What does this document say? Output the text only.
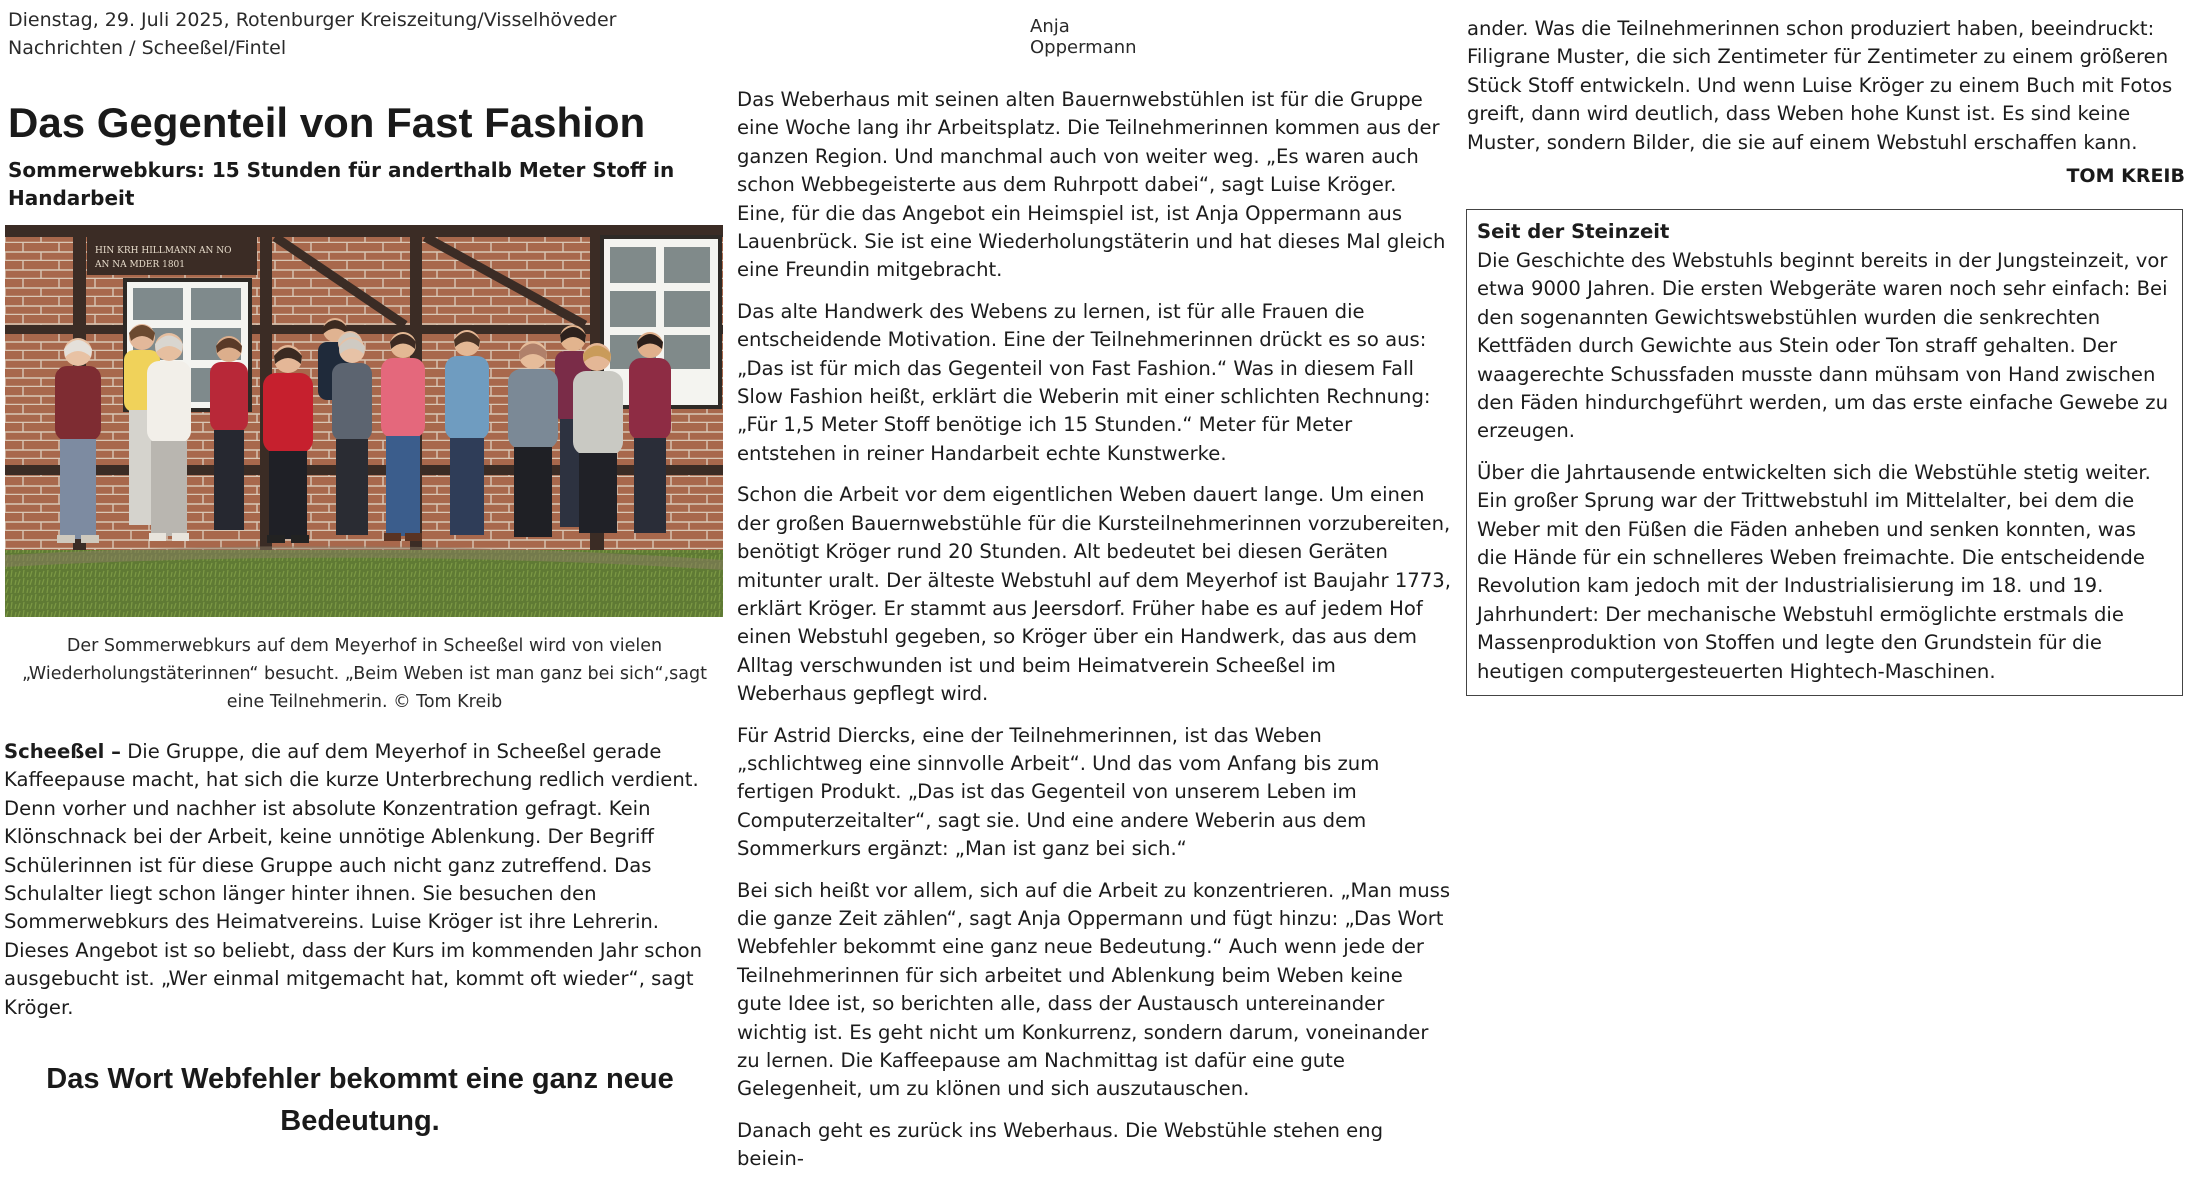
Dienstag, 29. Juli 2025, Rotenburger Kreiszeitung/Visselhöveder Nachrichten / Scheeßel/Fintel
Anja Oppermann
Das Gegenteil von Fast Fashion
Sommerwebkurs: 15 Stunden für anderthalb Meter Stoff in Handarbeit
HIN KRH HILLMANN AN NO
AN NA MDER 1801
Der Sommerwebkurs auf dem Meyerhof in Scheeßel wird von vielen „Wiederholungstäterinnen“ besucht. „Beim Weben ist man ganz bei sich“,sagt eine Teilnehmerin. © Tom Kreib

Scheeßel – Die Gruppe, die auf dem Meyerhof in Scheeßel gerade Kaffeepause macht, hat sich die kurze Unterbrechung redlich verdient. Denn vorher und nachher ist absolute Konzentration gefragt. Kein Klönschnack bei der Arbeit, keine unnötige Ablenkung. Der Begriff Schülerinnen ist für diese Gruppe auch nicht ganz zutreffend. Das Schulalter liegt schon länger hinter ihnen. Sie besuchen den Sommerwebkurs des Heimatvereins. Luise Kröger ist ihre Lehrerin. Dieses Angebot ist so beliebt, dass der Kurs im kommenden Jahr schon ausgebucht ist. „Wer einmal mitgemacht hat, kommt oft wieder“, sagt Kröger.

Das Wort Webfehler bekommt eine ganz neue Bedeutung.

Das Weberhaus mit seinen alten Bauernwebstühlen ist für die Gruppe eine Woche lang ihr Arbeitsplatz. Die Teilnehmerinnen kommen aus der ganzen Region. Und manchmal auch von weiter weg. „Es waren auch schon Webbegeisterte aus dem Ruhrpott dabei“, sagt Luise Kröger. Eine, für die das Angebot ein Heimspiel ist, ist Anja Oppermann aus Lauenbrück. Sie ist eine Wiederholungstäterin und hat dieses Mal gleich eine Freundin mitgebracht.

Das alte Handwerk des Webens zu lernen, ist für alle Frauen die entscheidende Motivation. Eine der Teilnehmerinnen drückt es so aus: „Das ist für mich das Gegenteil von Fast Fashion.“ Was in diesem Fall Slow Fashion heißt, erklärt die Weberin mit einer schlichten Rechnung: „Für 1,5 Meter Stoff benötige ich 15 Stunden.“ Meter für Meter entstehen in reiner Handarbeit echte Kunstwerke.

Schon die Arbeit vor dem eigentlichen Weben dauert lange. Um einen der großen Bauernwebstühle für die Kursteilnehmerinnen vorzubereiten, benötigt Kröger rund 20 Stunden. Alt bedeutet bei diesen Geräten mitunter uralt. Der älteste Webstuhl auf dem Meyerhof ist Baujahr 1773, erklärt Kröger. Er stammt aus Jeersdorf. Früher habe es auf jedem Hof einen Webstuhl gegeben, so Kröger über ein Handwerk, das aus dem Alltag verschwunden ist und beim Heimatverein Scheeßel im Weberhaus gepflegt wird.

Für Astrid Diercks, eine der Teilnehmerinnen, ist das Weben „schlichtweg eine sinnvolle Arbeit“. Und das vom Anfang bis zum fertigen Produkt. „Das ist das Gegenteil von unserem Leben im Computerzeitalter“, sagt sie. Und eine andere Weberin aus dem Sommerkurs ergänzt: „Man ist ganz bei sich.“

Bei sich heißt vor allem, sich auf die Arbeit zu konzentrieren. „Man muss die ganze Zeit zählen“, sagt Anja Oppermann und fügt hinzu: „Das Wort Webfehler bekommt eine ganz neue Bedeutung.“ Auch wenn jede der Teilnehmerinnen für sich arbeitet und Ablenkung beim Weben keine gute Idee ist, so berichten alle, dass der Austausch untereinander wichtig ist. Es geht nicht um Konkurrenz, sondern darum, voneinander zu lernen. Die Kaffeepause am Nachmittag ist dafür eine gute Gelegenheit, um zu klönen und sich auszutauschen.

Danach geht es zurück ins Weberhaus. Die Webstühle stehen eng beiein-

ander. Was die Teilnehmerinnen schon produziert haben, beeindruckt: Filigrane Muster, die sich Zentimeter für Zentimeter zu einem größeren Stück Stoff entwickeln. Und wenn Luise Kröger zu einem Buch mit Fotos greift, dann wird deutlich, dass Weben hohe Kunst ist. Es sind keine Muster, sondern Bilder, die sie auf einem Webstuhl erschaffen kann.

TOM KREIB
Seit der Steinzeit

Die Geschichte des Webstuhls beginnt bereits in der Jungsteinzeit, vor etwa 9000 Jahren. Die ersten Webgeräte waren noch sehr einfach: Bei den sogenannten Gewichtswebstühlen wurden die senkrechten Kettfäden durch Gewichte aus Stein oder Ton straff gehalten. Der waagerechte Schussfaden musste dann mühsam von Hand zwischen den Fäden hindurchgeführt werden, um das erste einfache Gewebe zu erzeugen.

Über die Jahrtausende entwickelten sich die Webstühle stetig weiter. Ein großer Sprung war der Trittwebstuhl im Mittelalter, bei dem die Weber mit den Füßen die Fäden anheben und senken konnten, was die Hände für ein schnelleres Weben freimachte. Die entscheidende Revolution kam jedoch mit der Industrialisierung im 18. und 19. Jahrhundert: Der mechanische Webstuhl ermöglichte erstmals die Massenproduktion von Stoffen und legte den Grundstein für die heutigen computergesteuerten Hightech-Maschinen.
